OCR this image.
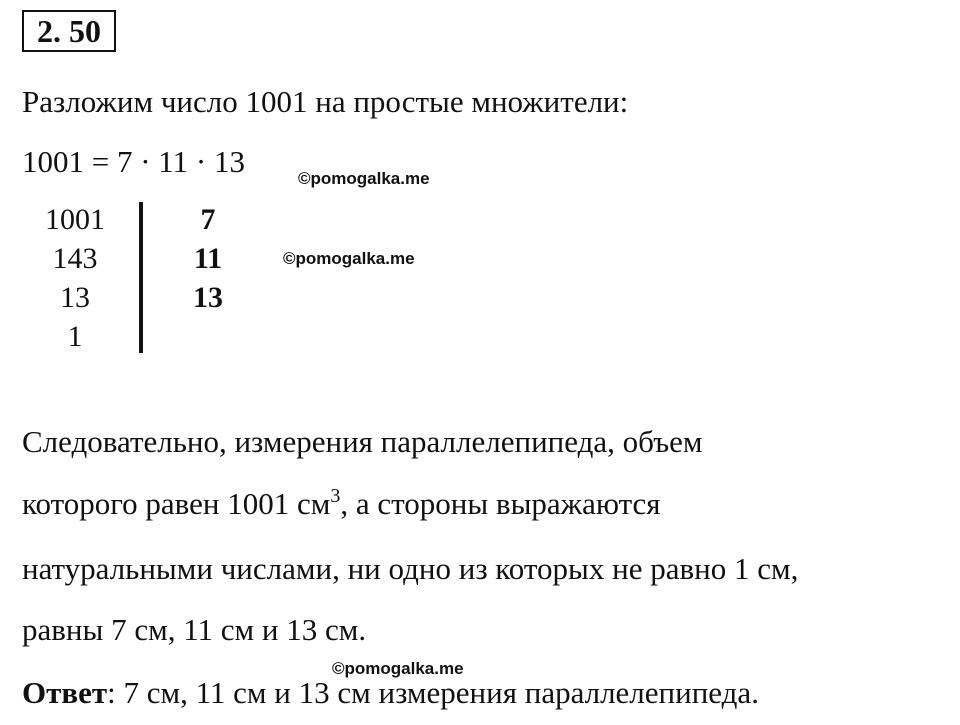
2. 50
Разложим число 1001 на простые множители:
1001 = 7 · 11 · 13	©pomogalka.me
1001
143
13
1
7
11
13
©pomogalka.me
Следовательно, измерения параллелепипеда, объем
которого равен 1001 $см^3$, а стороны выражаются
натуральными числами, ни одно из которых не равно 1 см,
равны 7 см, 11 см и 13 см.
©pomogalka.me
Ответ: 7 см, 11 см и 13 см измерения параллелепипеда.
